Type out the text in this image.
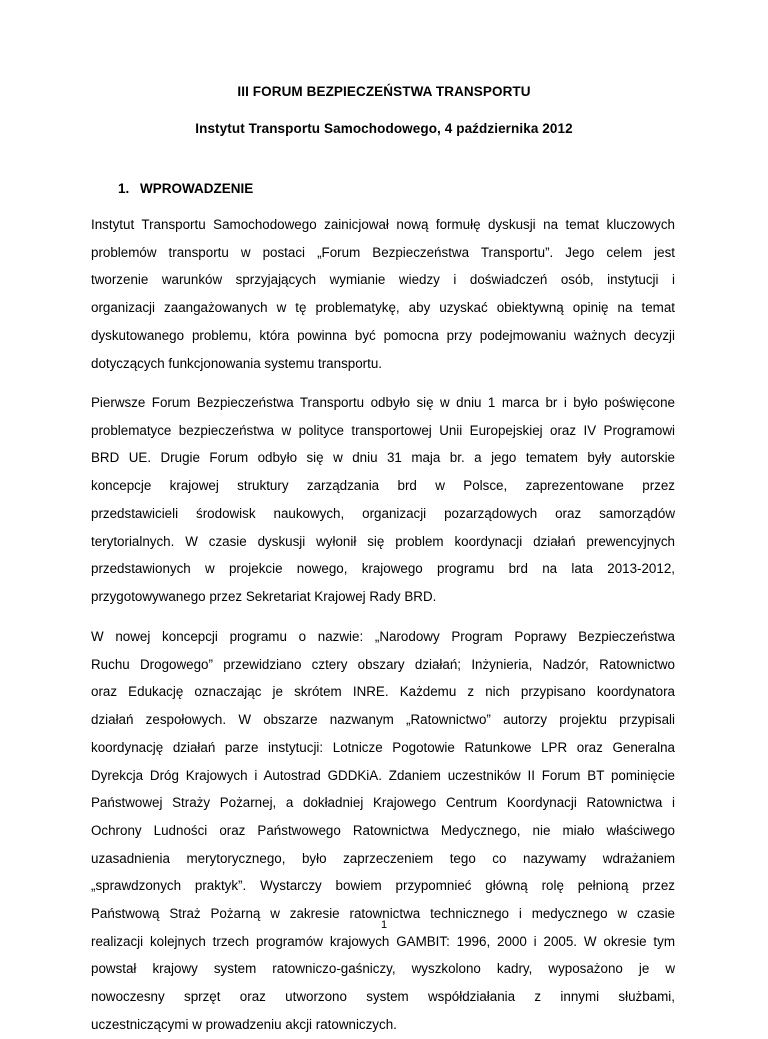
III FORUM BEZPIECZEŃSTWA TRANSPORTU
Instytut Transportu Samochodowego, 4 października 2012
1. WPROWADZENIE
Instytut Transportu Samochodowego zainicjował nową formułę dyskusji na temat kluczowych
problemów transportu w postaci „Forum Bezpieczeństwa Transportu”. Jego celem jest
tworzenie warunków sprzyjających wymianie wiedzy i doświadczeń osób, instytucji i
organizacji zaangażowanych w tę problematykę, aby uzyskać obiektywną opinię na temat
dyskutowanego problemu, która powinna być pomocna przy podejmowaniu ważnych decyzji
dotyczących funkcjonowania systemu transportu.
Pierwsze Forum Bezpieczeństwa Transportu odbyło się w dniu 1 marca br i było poświęcone
problematyce bezpieczeństwa w polityce transportowej Unii Europejskiej oraz IV Programowi
BRD UE. Drugie Forum odbyło się w dniu 31 maja br. a jego tematem były autorskie
koncepcje krajowej struktury zarządzania brd w Polsce, zaprezentowane przez
przedstawicieli środowisk naukowych, organizacji pozarządowych oraz samorządów
terytorialnych. W czasie dyskusji wyłonił się problem koordynacji działań prewencyjnych
przedstawionych w projekcie nowego, krajowego programu brd na lata 2013-2012,
przygotowywanego przez Sekretariat Krajowej Rady BRD.
W nowej koncepcji programu o nazwie: „Narodowy Program Poprawy Bezpieczeństwa
Ruchu Drogowego” przewidziano cztery obszary działań; Inżynieria, Nadzór, Ratownictwo
oraz Edukację oznaczając je skrótem INRE. Każdemu z nich przypisano koordynatora
działań zespołowych. W obszarze nazwanym „Ratownictwo” autorzy projektu przypisali
koordynację działań parze instytucji: Lotnicze Pogotowie Ratunkowe LPR oraz Generalna
Dyrekcja Dróg Krajowych i Autostrad GDDKiA. Zdaniem uczestników II Forum BT pominięcie
Państwowej Straży Pożarnej, a dokładniej Krajowego Centrum Koordynacji Ratownictwa i
Ochrony Ludności oraz Państwowego Ratownictwa Medycznego, nie miało właściwego
uzasadnienia merytorycznego, było zaprzeczeniem tego co nazywamy wdrażaniem
„sprawdzonych praktyk”. Wystarczy bowiem przypomnieć główną rolę pełnioną przez
Państwową Straż Pożarną w zakresie ratownictwa technicznego i medycznego w czasie
realizacji kolejnych trzech programów krajowych GAMBIT: 1996, 2000 i 2005. W okresie tym
powstał krajowy system ratowniczo-gaśniczy, wyszkolono kadry, wyposażono je w
nowoczesny sprzęt oraz utworzono system współdziałania z innymi służbami,
uczestniczącymi w prowadzeniu akcji ratowniczych.
1
